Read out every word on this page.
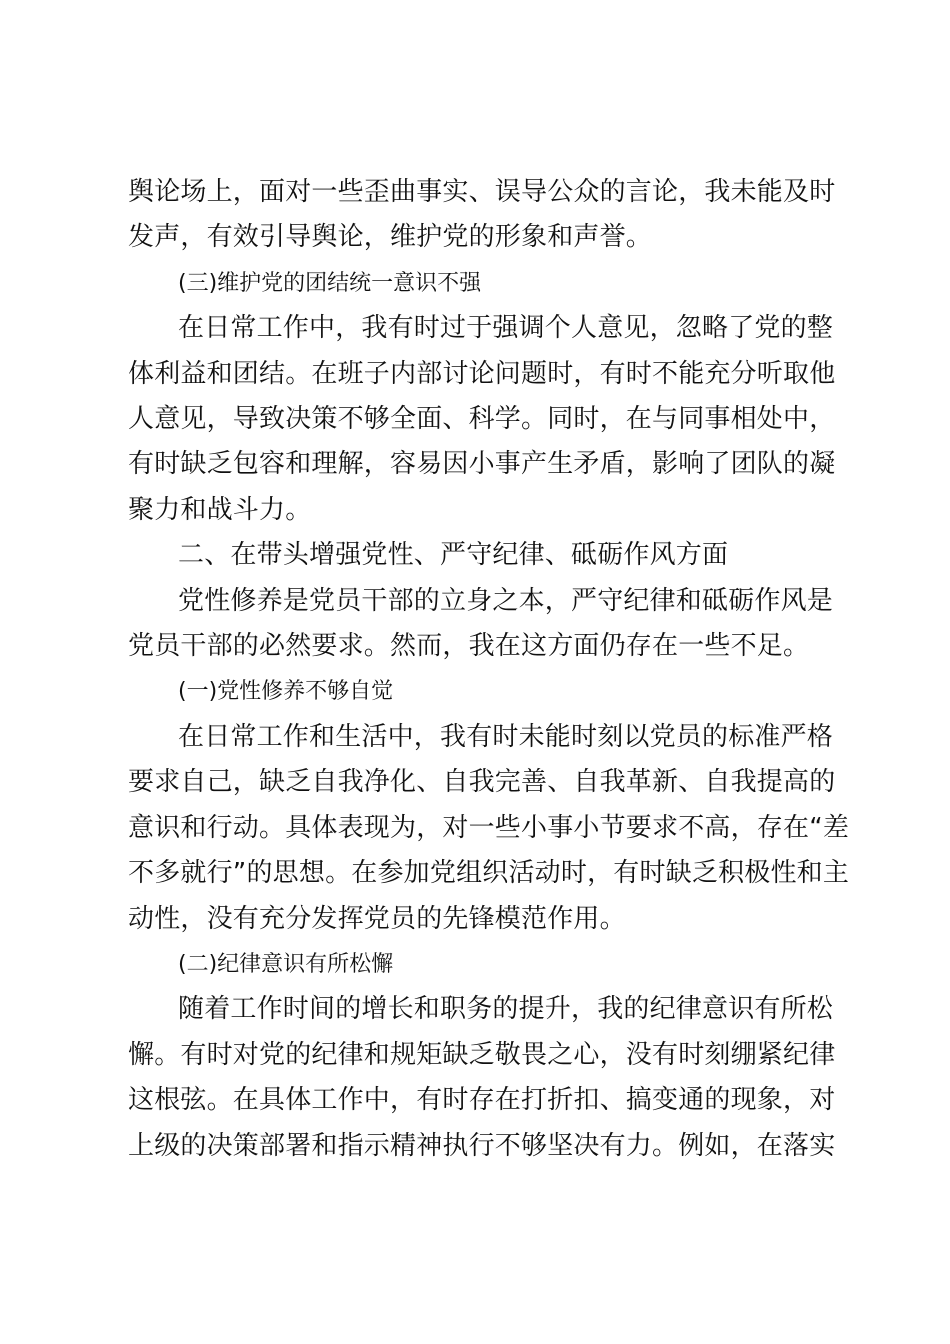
舆论场上，面对一些歪曲事实、误导公众的言论，我未能及时
发声，有效引导舆论，维护党的形象和声誉。
(三)维护党的团结统一意识不强
在日常工作中，我有时过于强调个人意见，忽略了党的整
体利益和团结。在班子内部讨论问题时，有时不能充分听取他
人意见，导致决策不够全面、科学。同时，在与同事相处中，
有时缺乏包容和理解，容易因小事产生矛盾，影响了团队的凝
聚力和战斗力。
二、在带头增强党性、严守纪律、砥砺作风方面
党性修养是党员干部的立身之本，严守纪律和砥砺作风是
党员干部的必然要求。然而，我在这方面仍存在一些不足。
(一)党性修养不够自觉
在日常工作和生活中，我有时未能时刻以党员的标准严格
要求自己，缺乏自我净化、自我完善、自我革新、自我提高的
意识和行动。具体表现为，对一些小事小节要求不高，存在“差
不多就行”的思想。在参加党组织活动时，有时缺乏积极性和主
动性，没有充分发挥党员的先锋模范作用。
(二)纪律意识有所松懈
随着工作时间的增长和职务的提升，我的纪律意识有所松
懈。有时对党的纪律和规矩缺乏敬畏之心，没有时刻绷紧纪律
这根弦。在具体工作中，有时存在打折扣、搞变通的现象，对
上级的决策部署和指示精神执行不够坚决有力。例如，在落实
